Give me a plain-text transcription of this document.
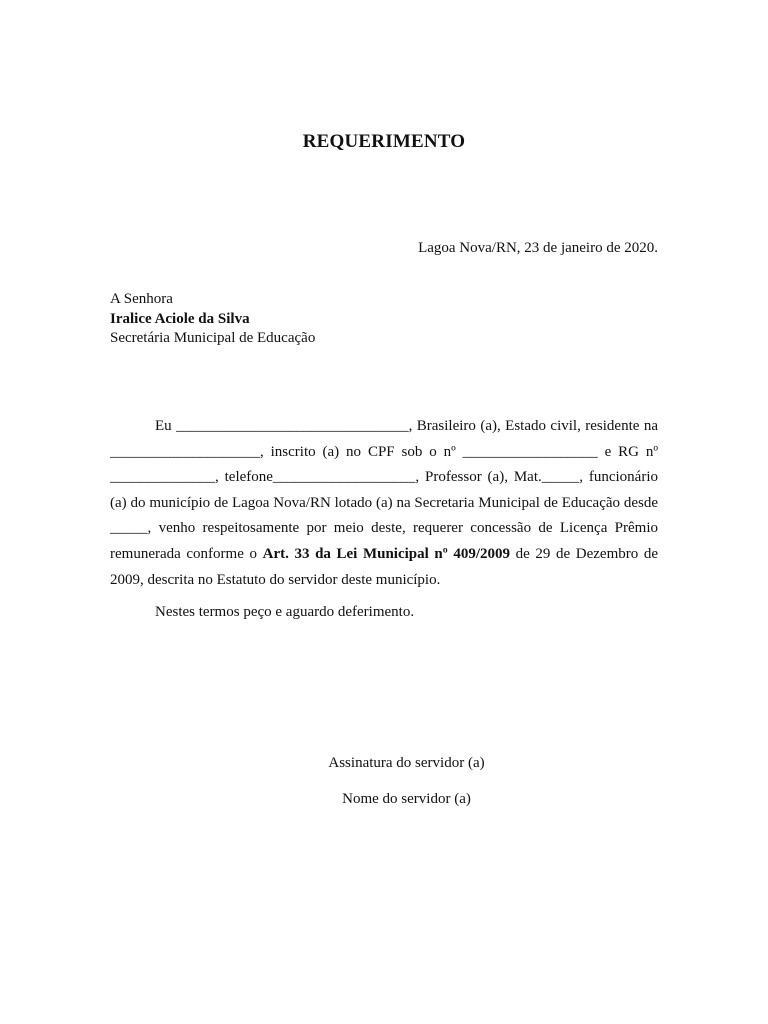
REQUERIMENTO
Lagoa Nova/RN, 23 de janeiro de 2020.
A Senhora
Iralice Aciole da Silva
Secretária Municipal de Educação

Eu _______________________________, Brasileiro (a), Estado civil, residente na ____________________, inscrito (a) no CPF sob o nº __________________ e RG nº ______________, telefone___________________, Professor (a), Mat._____, funcionário (a) do município de Lagoa Nova/RN lotado (a) na Secretaria Municipal de Educação desde _____, venho respeitosamente por meio deste, requerer concessão de Licença Prêmio remunerada conforme o Art. 33 da Lei Municipal nº 409/2009 de 29 de Dezembro de 2009, descrita no Estatuto do servidor deste município.

Nestes termos peço e aguardo deferimento.
Assinatura do servidor (a)
Nome do servidor (a)
